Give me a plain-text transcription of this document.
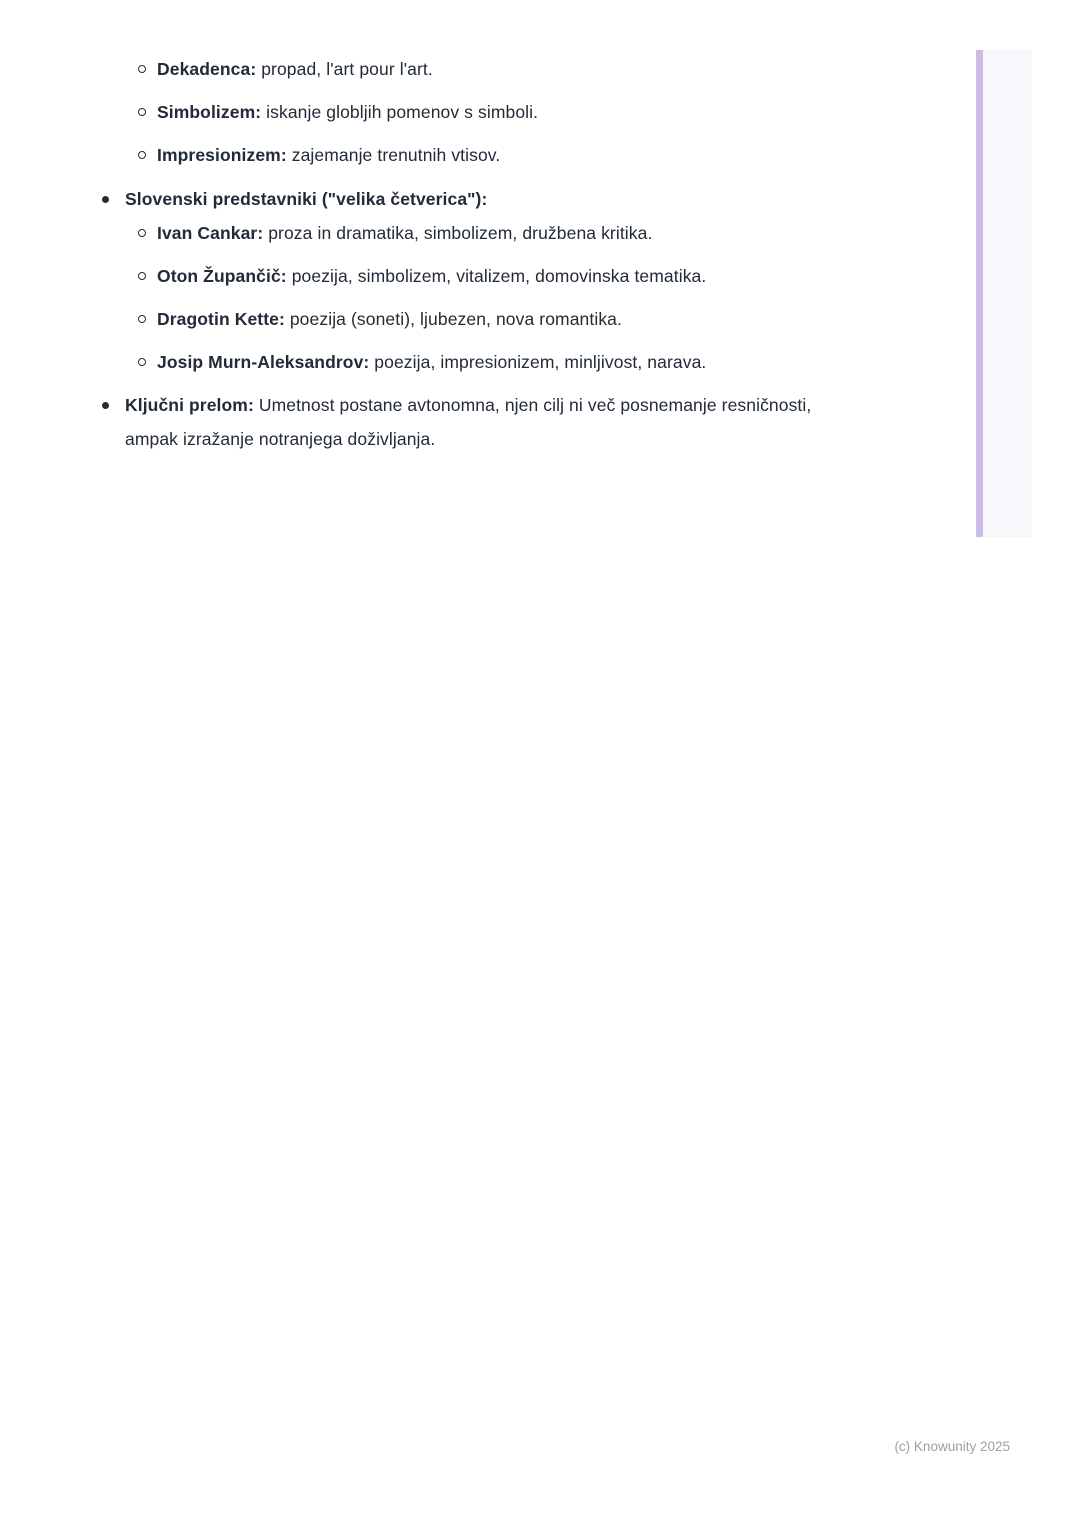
Dekadenca: propad, l'art pour l'art.
Simbolizem: iskanje globljih pomenov s simboli.
Impresionizem: zajemanje trenutnih vtisov.
Slovenski predstavniki ("velika četverica"):
Ivan Cankar: proza in dramatika, simbolizem, družbena kritika.
Oton Župančič: poezija, simbolizem, vitalizem, domovinska tematika.
Dragotin Kette: poezija (soneti), ljubezen, nova romantika.
Josip Murn-Aleksandrov: poezija, impresionizem, minljivost, narava.
Ključni prelom: Umetnost postane avtonomna, njen cilj ni več posnemanje resničnosti, ampak izražanje notranjega doživljanja.
(c) Knowunity 2025
